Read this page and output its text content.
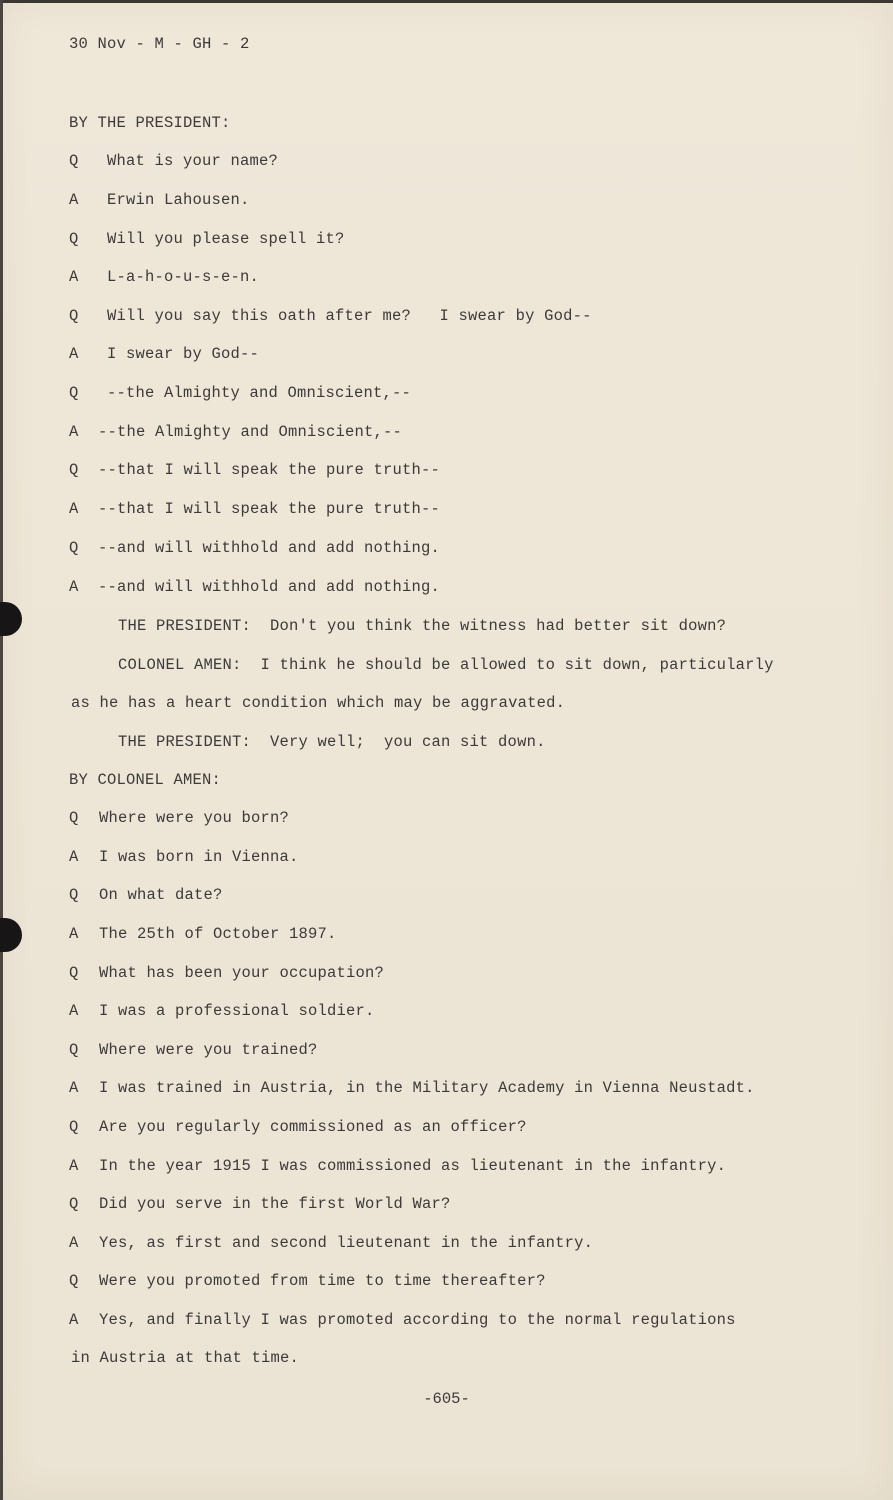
30 Nov - M - GH - 2
BY THE PRESIDENT:
Q What is your name?
A Erwin Lahousen.
Q Will you please spell it?
A L-a-h-o-u-s-e-n.
Q Will you say this oath after me?   I swear by God--
A I swear by God--
Q --the Almighty and Omniscient,--
A --the Almighty and Omniscient,--
Q --that I will speak the pure truth--
A --that I will speak the pure truth--
Q --and will withhold and add nothing.
A --and will withhold and add nothing.
THE PRESIDENT:  Don't you think the witness had better sit down?
COLONEL AMEN:  I think he should be allowed to sit down, particularly
as he has a heart condition which may be aggravated.
THE PRESIDENT:  Very well;  you can sit down.
BY COLONEL AMEN:
Q Where were you born?
A I was born in Vienna.
Q On what date?
A The 25th of October 1897.
Q What has been your occupation?
A I was a professional soldier.
Q Where were you trained?
A I was trained in Austria, in the Military Academy in Vienna Neustadt.
Q Are you regularly commissioned as an officer?
A In the year 1915 I was commissioned as lieutenant in the infantry.
Q Did you serve in the first World War?
A Yes, as first and second lieutenant in the infantry.
Q Were you promoted from time to time thereafter?
A Yes, and finally I was promoted according to the normal regulations
in Austria at that time.
-605-
